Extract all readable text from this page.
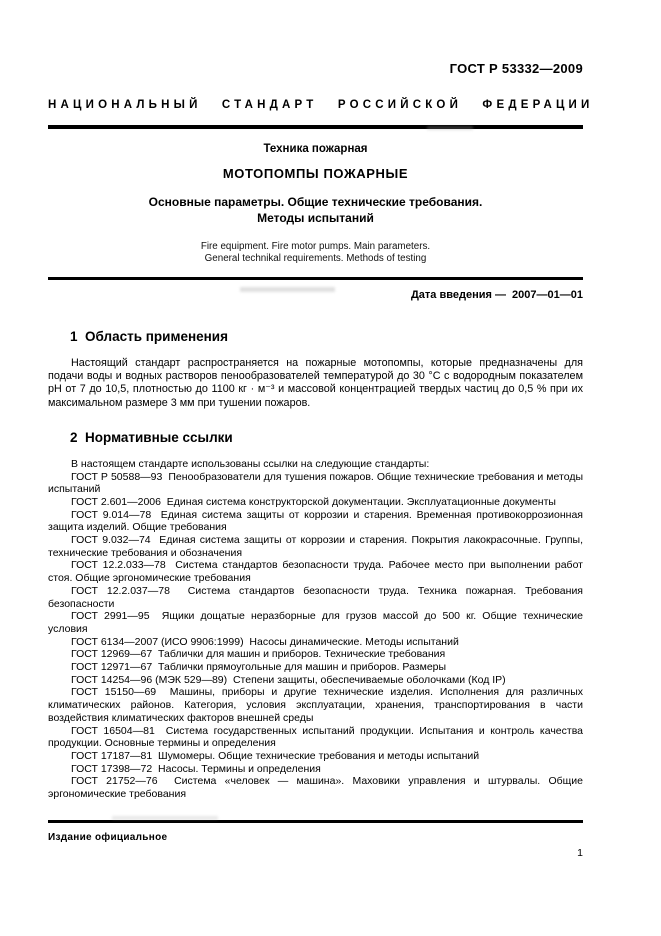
ГОСТ Р 53332—2009
НАЦИОНАЛЬНЫЙ СТАНДАРТ РОССИЙСКОЙ ФЕДЕРАЦИИ
Техника пожарная
МОТОПОМПЫ ПОЖАРНЫЕ
Основные параметры. Общие технические требования.
Методы испытаний
Fire equipment. Fire motor pumps. Main parameters.
General technikal requirements. Methods of testing
Дата введения —  2007—01—01
1  Область применения

Настоящий стандарт распространяется на пожарные мотопомпы, которые предназначены для подачи воды и водных растворов пенообразователей температурой до 30 °С с водородным показателем рН от 7 до 10,5, плотностью до 1100 кг · м⁻³ и массовой концентрацией твердых частиц до 0,5 % при их максимальном размере 3 мм при тушении пожаров.

2  Нормативные ссылки

В настоящем стандарте использованы ссылки на следующие стандарты:

ГОСТ Р 50588—93  Пенообразователи для тушения пожаров. Общие технические требования и методы испытаний

ГОСТ 2.601—2006  Единая система конструкторской документации. Эксплуатационные документы

ГОСТ 9.014—78  Единая система защиты от коррозии и старения. Временная противокоррозионная защита изделий. Общие требования

ГОСТ 9.032—74  Единая система защиты от коррозии и старения. Покрытия лакокрасочные. Группы, технические требования и обозначения

ГОСТ 12.2.033—78  Система стандартов безопасности труда. Рабочее место при выполнении работ стоя. Общие эргономические требования

ГОСТ 12.2.037—78  Система стандартов безопасности труда. Техника пожарная. Требования безопасности

ГОСТ 2991—95  Ящики дощатые неразборные для грузов массой до 500 кг. Общие технические условия

ГОСТ 6134—2007 (ИСО 9906:1999)  Насосы динамические. Методы испытаний

ГОСТ 12969—67  Таблички для машин и приборов. Технические требования

ГОСТ 12971—67  Таблички прямоугольные для машин и приборов. Размеры

ГОСТ 14254—96 (МЭК 529—89)  Степени защиты, обеспечиваемые оболочками (Код IP)

ГОСТ 15150—69  Машины, приборы и другие технические изделия. Исполнения для различных климатических районов. Категория, условия эксплуатации, хранения, транспортирования в части воздействия климатических факторов внешней среды

ГОСТ 16504—81  Система государственных испытаний продукции. Испытания и контроль качества продукции. Основные термины и определения

ГОСТ 17187—81  Шумомеры. Общие технические требования и методы испытаний

ГОСТ 17398—72  Насосы. Термины и определения

ГОСТ 21752—76  Система «человек — машина». Маховики управления и штурвалы. Общие эргономические требования

Издание официальное
1
